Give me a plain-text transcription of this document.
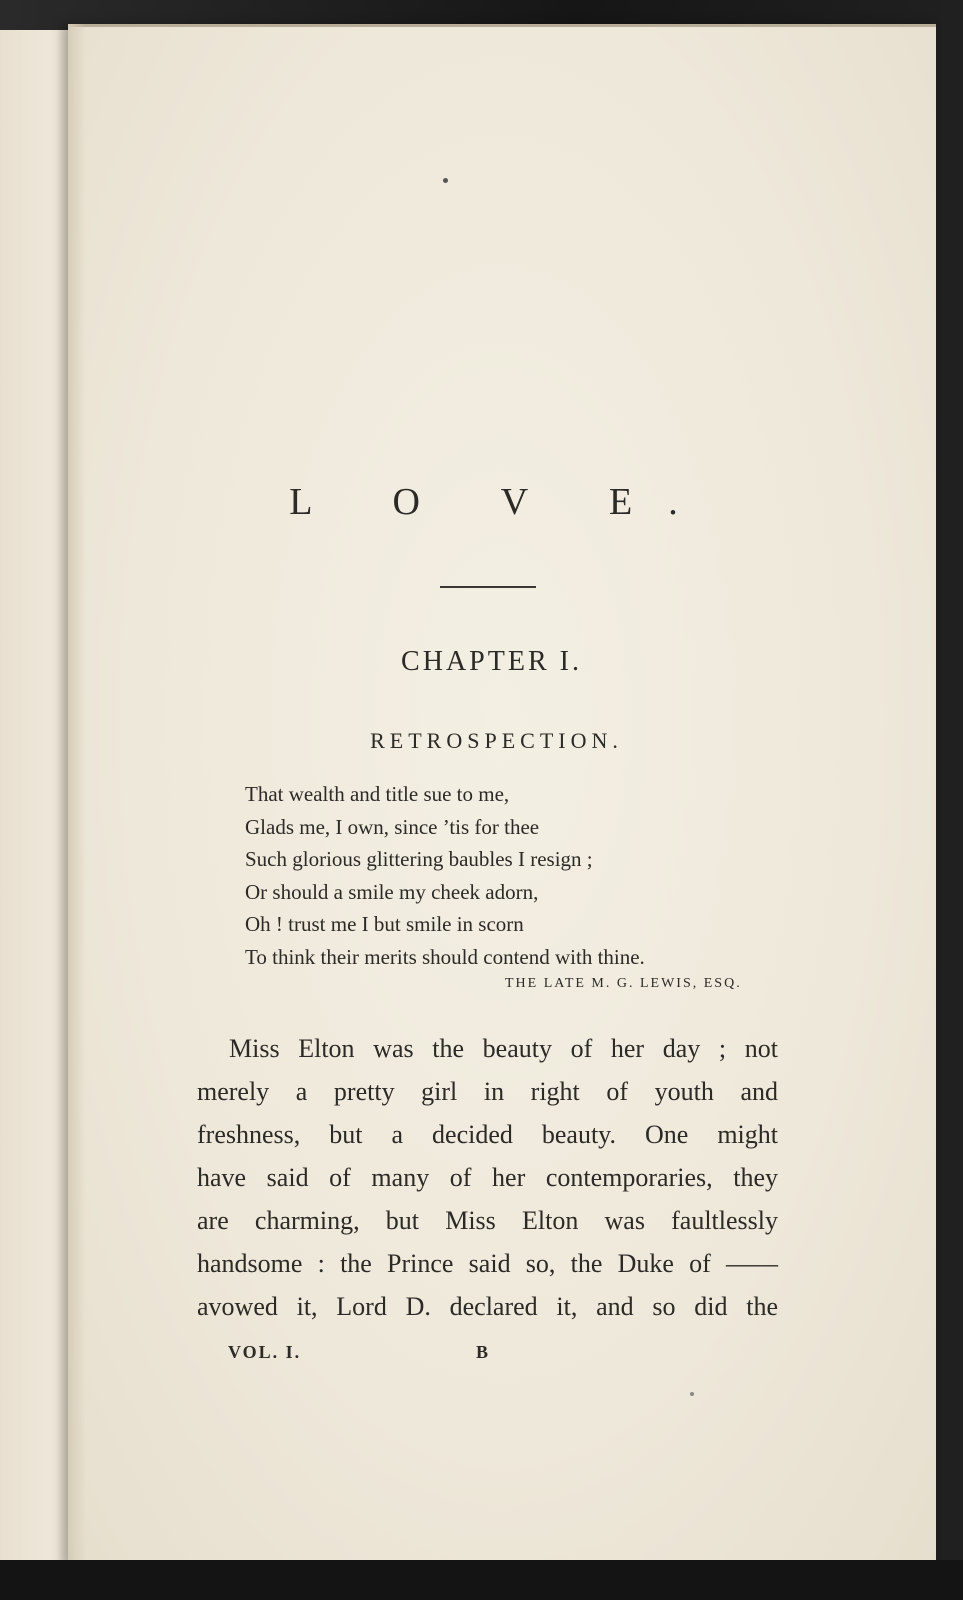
L O V E.
CHAPTER I.
RETROSPECTION.
That wealth and title sue to me,
Glads me, I own, since ’tis for thee
Such glorious glittering baubles I resign ;
Or should a smile my cheek adorn,
Oh ! trust me I but smile in scorn
To think their merits should contend with thine.
THE LATE M. G. LEWIS, ESQ.
Miss Elton was the beauty of her day ; not
merely a pretty girl in right of youth and
freshness, but a decided beauty. One might
have said of many of her contemporaries, they
are charming, but Miss Elton was faultlessly
handsome : the Prince said so, the Duke of ——
avowed it, Lord D. declared it, and so did the
VOL. I.	B
